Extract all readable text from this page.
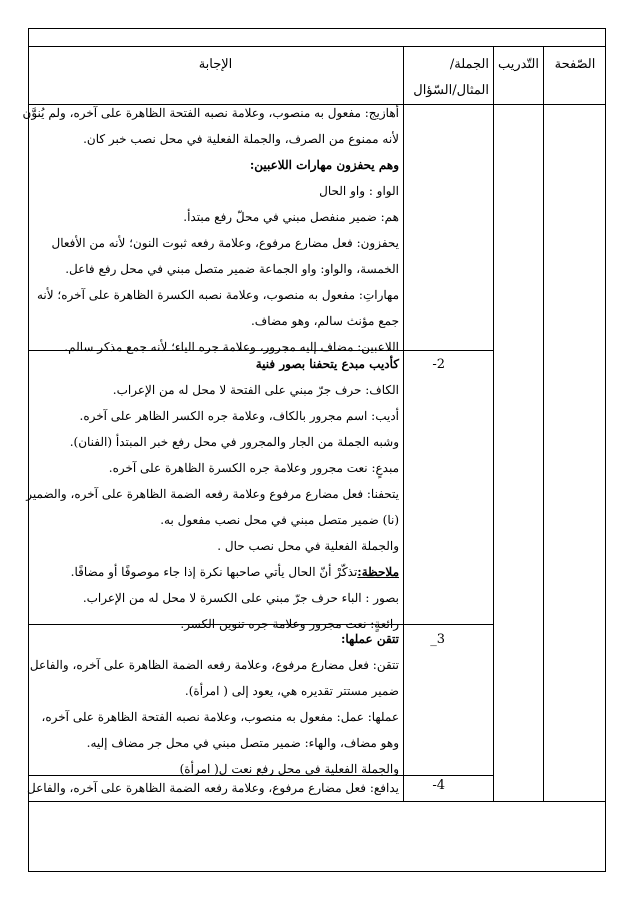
الصّفحة
التّدريب
الجملة/
المثال/السّؤال
الإجابة

أهازيج: مفعول به منصوب، وعلامة نصبه الفتحة الظاهرة على آخره، ولم يُنوَّن

لأنه ممنوع من الصرف، والجملة الفعلية في محل نصب خبر كان.

وهم يحفزون مهارات اللاعبين:

الواو : واو الحال

هم: ضمير منفصل مبني في محلّ رفع مبتدأ.

يحفزون: فعل مضارع مرفوع، وعلامة رفعه ثبوت النون؛ لأنه من الأفعال

الخمسة، والواو: واو الجماعة ضمير متصل مبني في محل رفع فاعل.

مهاراتِ: مفعول به منصوب، وعلامة نصبه الكسرة الظاهرة على آخره؛ لأنه

جمع مؤنث سالم، وهو مضاف.

اللاعبين: مضاف إليه مجرور، وعلامة جره الياء؛ لأنه جمع مذكر سالم.

2-

كأديب مبدع يتحفنا بصور فنية

الكاف: حرف جرّ مبني على الفتحة لا محل له من الإعراب.

أديب: اسم مجرور بالكاف، وعلامة جره الكسر الظاهر على آخره.

وشبه الجملة من الجار والمجرور في محل رفع خبر المبتدأ (الفنان).

مبدعٍ: نعت مجرور وعلامة جره الكسرة الظاهرة على آخره.

يتحفنا: فعل مضارع مرفوع وعلامة رفعه الضمة الظاهرة على آخره، والضمير

(نا) ضمير متصل مبني في محل نصب مفعول به.

والجملة الفعلية في محل نصب حال .

ملاحظة:تذكّرْ أنّ الحال يأتي صاحبها نكرة إذا جاء موصوفًا أو مضافًا.

بصور : الباء حرف جرّ مبني على الكسرة لا محل له من الإعراب.

رائعةٍ: نعت مجرور وعلامة جره تنوين الكسر.

3_

تتقن عملها:

تتقن: فعل مضارع مرفوع، وعلامة رفعه الضمة الظاهرة على آخره، والفاعل

ضمير مستتر تقديره هي، يعود إلى ( امرأة).

عملها: عمل: مفعول به منصوب، وعلامة نصبه الفتحة الظاهرة على آخره،

وهو مضاف، والهاء: ضمير متصل مبني في محل جر مضاف إليه.

والجملة الفعلية في محل رفع نعت ل( امرأة)

4-

يدافع: فعل مضارع مرفوع، وعلامة رفعه الضمة الظاهرة على آخره، والفاعل
